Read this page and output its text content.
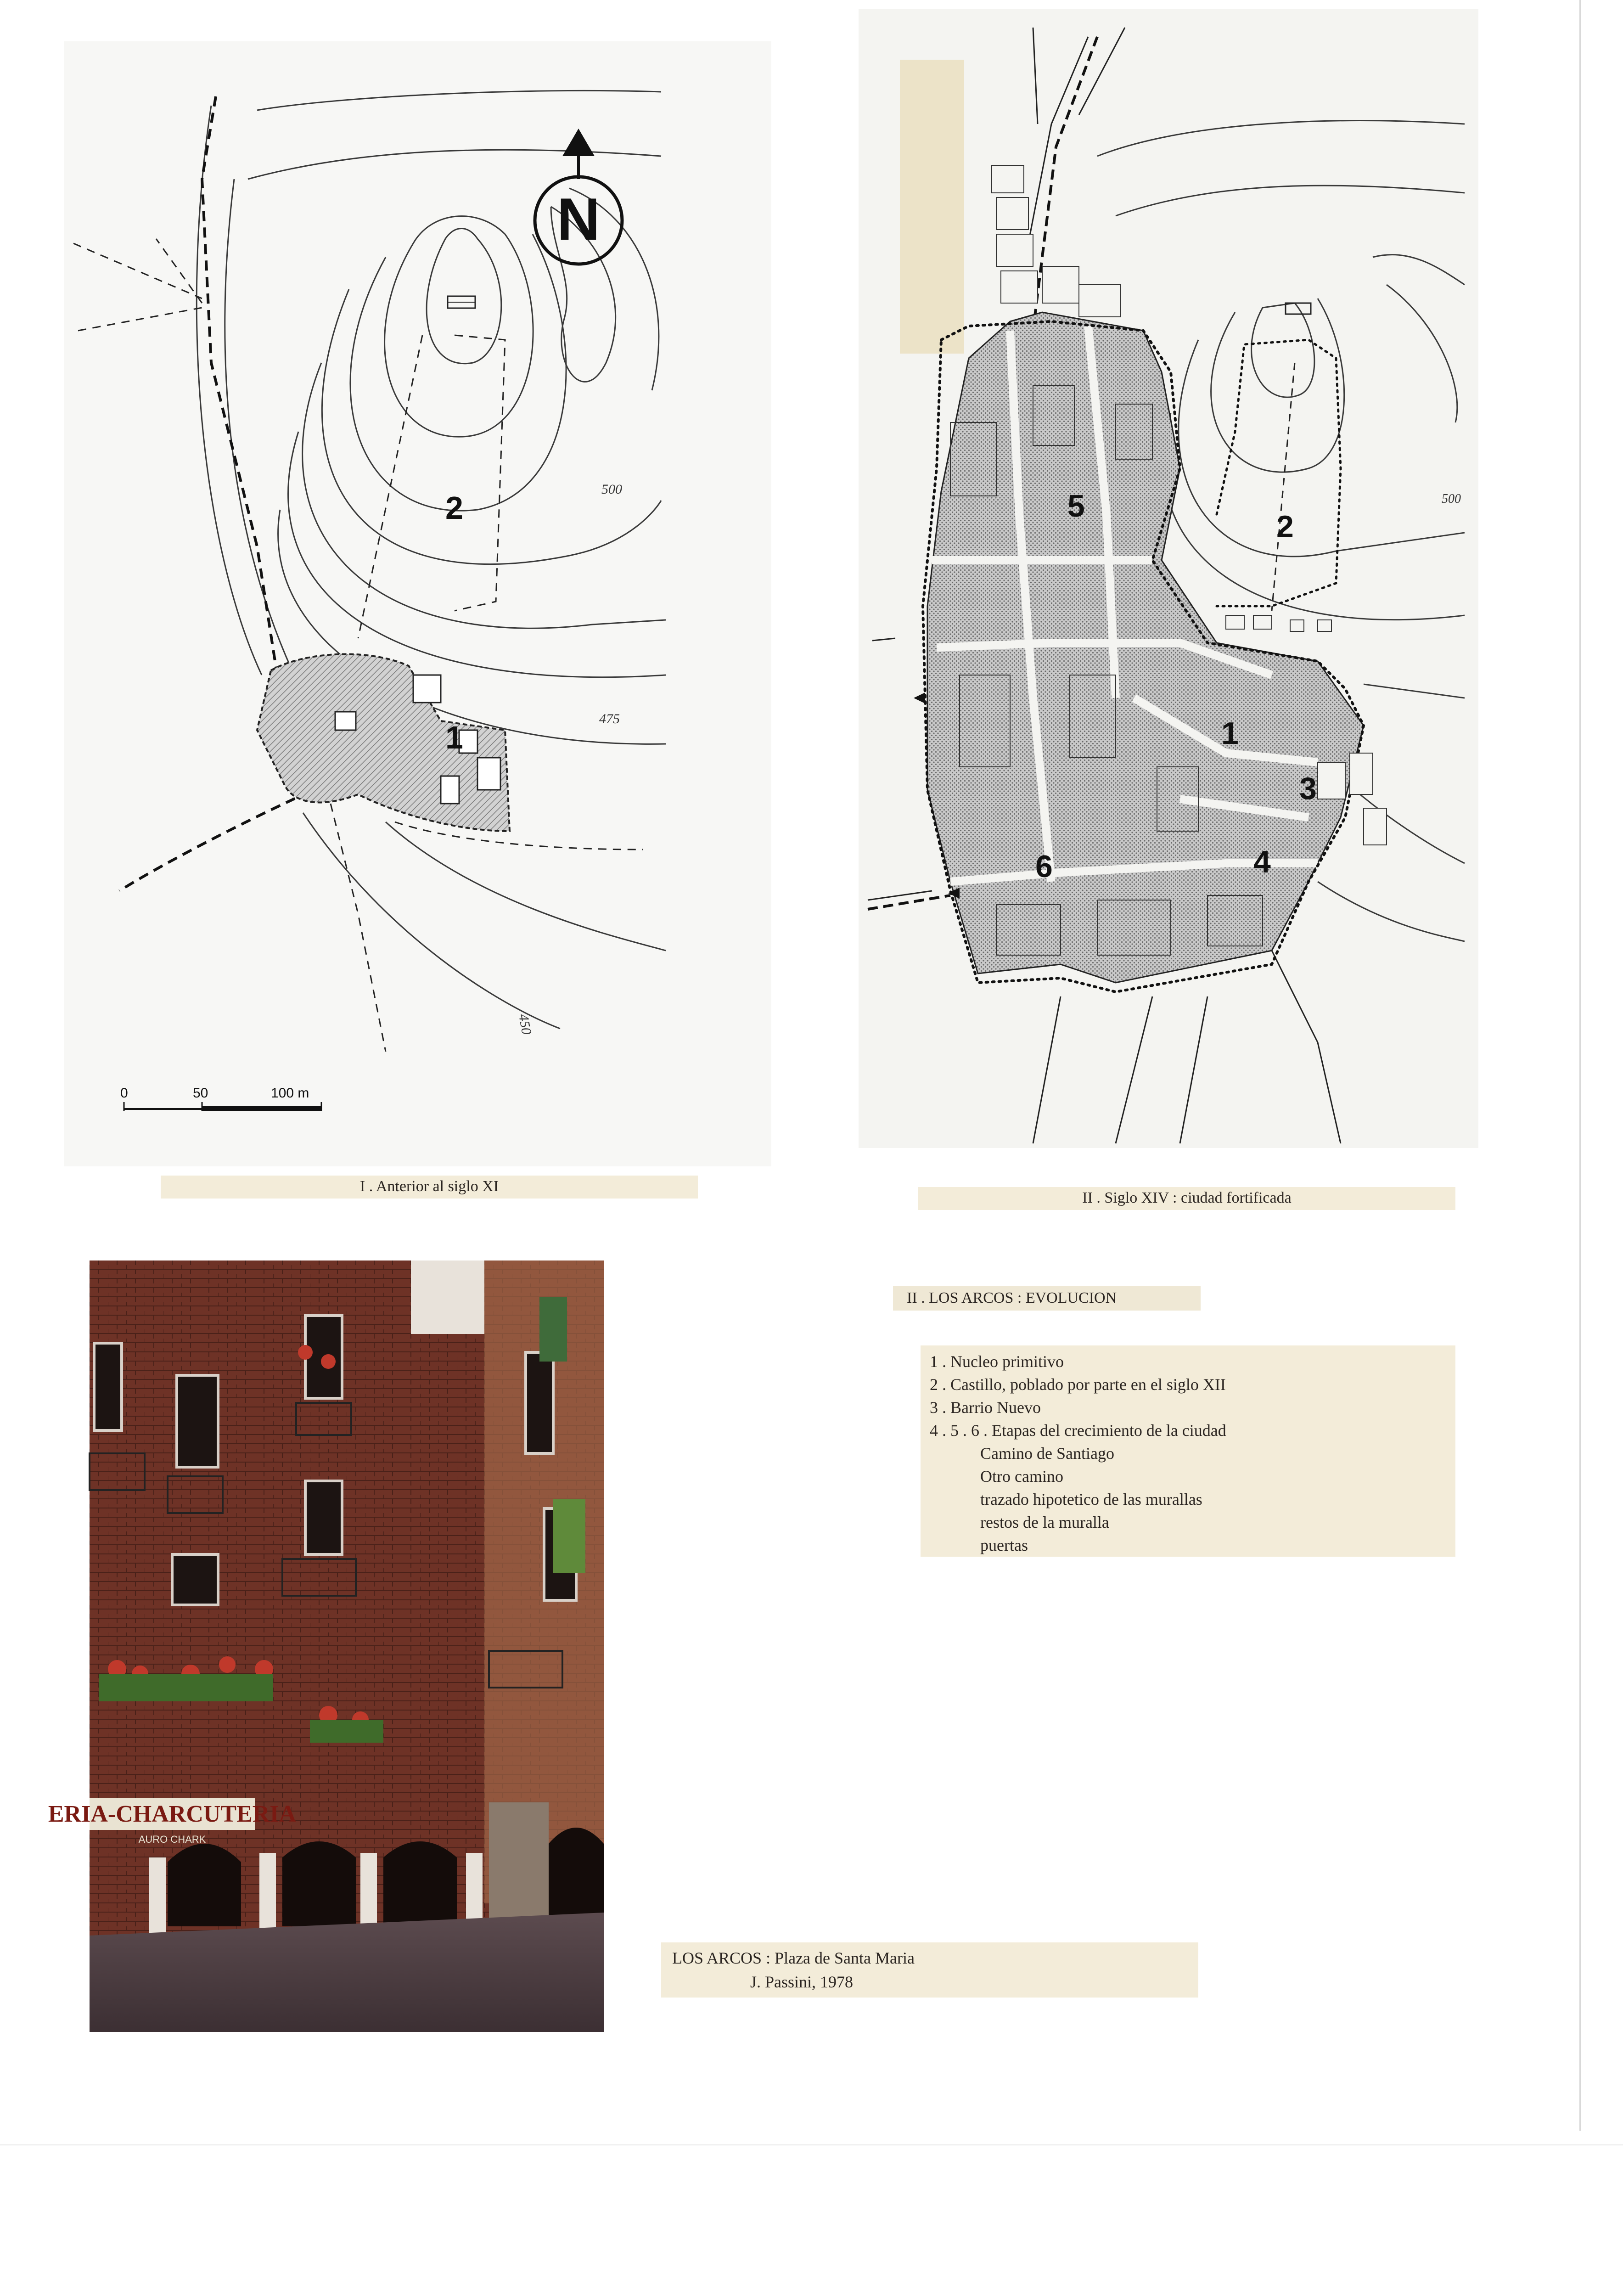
N
1
2
500
475
450
0	50	100 m
1
2
3
4
5
6
500
I . Anterior al siglo XI
II . Siglo XIV : ciudad fortificada
II . LOS ARCOS : EVOLUCION
1 . Nucleo primitivo
2 . Castillo, poblado por parte en el siglo XII
3 . Barrio Nuevo
4 . 5 . 6 . Etapas del crecimiento de la ciudad
Camino de Santiago
Otro camino
trazado hipotetico de las murallas
restos de la muralla
puertas
ERIA-CHARCUTERIA
AURO CHARK
LOS ARCOS : Plaza de Santa Maria
J. Passini, 1978
